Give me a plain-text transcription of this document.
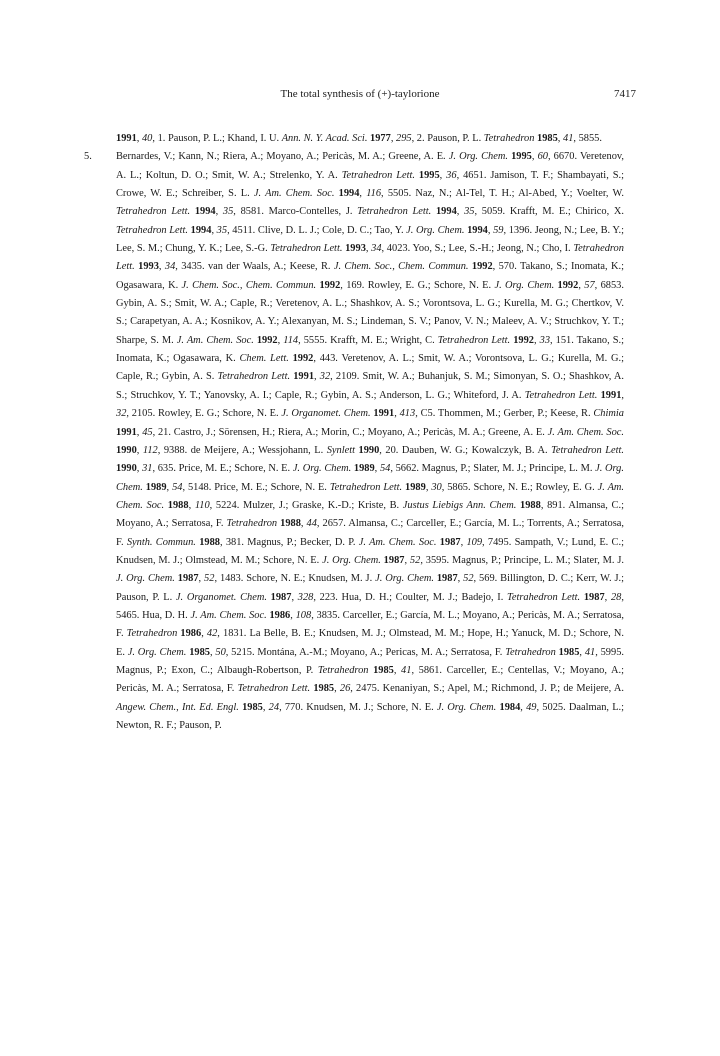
The total synthesis of (+)-taylorione	7417

1991, 40, 1. Pauson, P. L.; Khand, I. U. Ann. N. Y. Acad. Sci. 1977, 295, 2. Pauson, P. L. Tetrahedron 1985, 41, 5855.

5. Bernardes, V.; Kann, N.; Riera, A.; Moyano, A.; Pericàs, M. A.; Greene, A. E. J. Org. Chem. 1995, 60, 6670. Veretenov, A. L.; Koltun, D. O.; Smit, W. A.; Strelenko, Y. A. Tetrahedron Lett. 1995, 36, 4651. Jamison, T. F.; Shambayati, S.; Crowe, W. E.; Schreiber, S. L. J. Am. Chem. Soc. 1994, 116, 5505. Naz, N.; Al-Tel, T. H.; Al-Abed, Y.; Voelter, W. Tetrahedron Lett. 1994, 35, 8581. Marco-Contelles, J. Tetrahedron Lett. 1994, 35, 5059. Krafft, M. E.; Chirico, X. Tetrahedron Lett. 1994, 35, 4511. Clive, D. L. J.; Cole, D. C.; Tao, Y. J. Org. Chem. 1994, 59, 1396. Jeong, N.; Lee, B. Y.; Lee, S. M.; Chung, Y. K.; Lee, S.-G. Tetrahedron Lett. 1993, 34, 4023. Yoo, S.; Lee, S.-H.; Jeong, N.; Cho, I. Tetrahedron Lett. 1993, 34, 3435. van der Waals, A.; Keese, R. J. Chem. Soc., Chem. Commun. 1992, 570. Takano, S.; Inomata, K.; Ogasawara, K. J. Chem. Soc., Chem. Commun. 1992, 169. Rowley, E. G.; Schore, N. E. J. Org. Chem. 1992, 57, 6853. Gybin, A. S.; Smit, W. A.; Caple, R.; Veretenov, A. L.; Shashkov, A. S.; Vorontsova, L. G.; Kurella, M. G.; Chertkov, V. S.; Carapetyan, A. A.; Kosnikov, A. Y.; Alexanyan, M. S.; Lindeman, S. V.; Panov, V. N.; Maleev, A. V.; Struchkov, Y. T.; Sharpe, S. M. J. Am. Chem. Soc. 1992, 114, 5555. Krafft, M. E.; Wright, C. Tetrahedron Lett. 1992, 33, 151. Takano, S.; Inomata, K.; Ogasawara, K. Chem. Lett. 1992, 443. Veretenov, A. L.; Smit, W. A.; Vorontsova, L. G.; Kurella, M. G.; Caple, R.; Gybin, A. S. Tetrahedron Lett. 1991, 32, 2109. Smit, W. A.; Buhanjuk, S. M.; Simonyan, S. O.; Shashkov, A. S.; Struchkov, Y. T.; Yanovsky, A. I.; Caple, R.; Gybin, A. S.; Anderson, L. G.; Whiteford, J. A. Tetrahedron Lett. 1991, 32, 2105. Rowley, E. G.; Schore, N. E. J. Organomet. Chem. 1991, 413, C5. Thommen, M.; Gerber, P.; Keese, R. Chimia 1991, 45, 21. Castro, J.; Sörensen, H.; Riera, A.; Morin, C.; Moyano, A.; Pericàs, M. A.; Greene, A. E. J. Am. Chem. Soc. 1990, 112, 9388. de Meijere, A.; Wessjohann, L. Synlett 1990, 20. Dauben, W. G.; Kowalczyk, B. A. Tetrahedron Lett. 1990, 31, 635. Price, M. E.; Schore, N. E. J. Org. Chem. 1989, 54, 5662. Magnus, P.; Slater, M. J.; Principe, L. M. J. Org. Chem. 1989, 54, 5148. Price, M. E.; Schore, N. E. Tetrahedron Lett. 1989, 30, 5865. Schore, N. E.; Rowley, E. G. J. Am. Chem. Soc. 1988, 110, 5224. Mulzer, J.; Graske, K.-D.; Kriste, B. Justus Liebigs Ann. Chem. 1988, 891. Almansa, C.; Moyano, A.; Serratosa, F. Tetrahedron 1988, 44, 2657. Almansa, C.; Carceller, E.; García, M. L.; Torrents, A.; Serratosa, F. Synth. Commun. 1988, 381. Magnus, P.; Becker, D. P. J. Am. Chem. Soc. 1987, 109, 7495. Sampath, V.; Lund, E. C.; Knudsen, M. J.; Olmstead, M. M.; Schore, N. E. J. Org. Chem. 1987, 52, 3595. Magnus, P.; Principe, L. M.; Slater, M. J. J. Org. Chem. 1987, 52, 1483. Schore, N. E.; Knudsen, M. J. J. Org. Chem. 1987, 52, 569. Billington, D. C.; Kerr, W. J.; Pauson, P. L. J. Organomet. Chem. 1987, 328, 223. Hua, D. H.; Coulter, M. J.; Badejo, I. Tetrahedron Lett. 1987, 28, 5465. Hua, D. H. J. Am. Chem. Soc. 1986, 108, 3835. Carceller, E.; García, M. L.; Moyano, A.; Pericàs, M. A.; Serratosa, F. Tetrahedron 1986, 42, 1831. La Belle, B. E.; Knudsen, M. J.; Olmstead, M. M.; Hope, H.; Yanuck, M. D.; Schore, N. E. J. Org. Chem. 1985, 50, 5215. Montána, A.-M.; Moyano, A.; Pericas, M. A.; Serratosa, F. Tetrahedron 1985, 41, 5995. Magnus, P.; Exon, C.; Albaugh-Robertson, P. Tetrahedron 1985, 41, 5861. Carceller, E.; Centellas, V.; Moyano, A.; Pericàs, M. A.; Serratosa, F. Tetrahedron Lett. 1985, 26, 2475. Kenaniyan, S.; Apel, M.; Richmond, J. P.; de Meijere, A. Angew. Chem., Int. Ed. Engl. 1985, 24, 770. Knudsen, M. J.; Schore, N. E. J. Org. Chem. 1984, 49, 5025. Daalman, L.; Newton, R. F.; Pauson, P.
